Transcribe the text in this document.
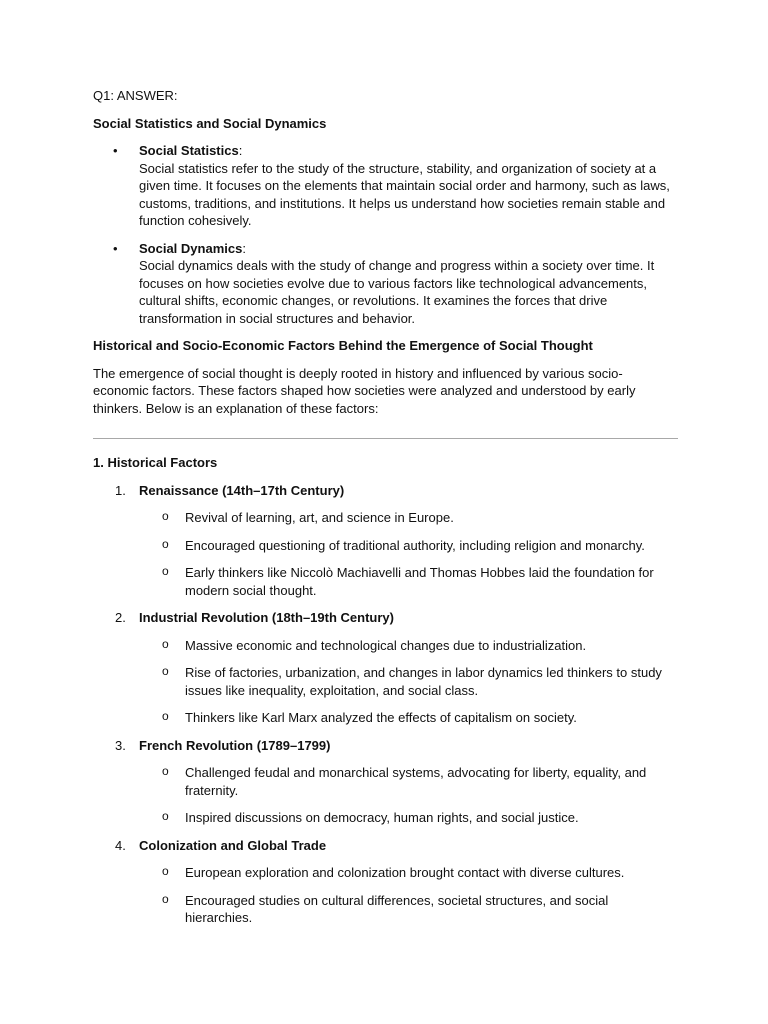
Q1: ANSWER:

Social Statistics and Social Dynamics

• Social Statistics:
Social statistics refer to the study of the structure, stability, and organization of society at a given time. It focuses on the elements that maintain social order and harmony, such as laws, customs, traditions, and institutions. It helps us understand how societies remain stable and function cohesively.
• Social Dynamics:
Social dynamics deals with the study of change and progress within a society over time. It focuses on how societies evolve due to various factors like technological advancements, cultural shifts, economic changes, or revolutions. It examines the forces that drive transformation in social structures and behavior.

Historical and Socio-Economic Factors Behind the Emergence of Social Thought

The emergence of social thought is deeply rooted in history and influenced by various socio-economic factors. These factors shaped how societies were analyzed and understood by early thinkers. Below is an explanation of these factors:

1. Historical Factors

1. Renaissance (14th–17th Century)
o Revival of learning, art, and science in Europe.
o Encouraged questioning of traditional authority, including religion and monarchy.
o Early thinkers like Niccolò Machiavelli and Thomas Hobbes laid the foundation for modern social thought.
2. Industrial Revolution (18th–19th Century)
o Massive economic and technological changes due to industrialization.
o Rise of factories, urbanization, and changes in labor dynamics led thinkers to study issues like inequality, exploitation, and social class.
o Thinkers like Karl Marx analyzed the effects of capitalism on society.
3. French Revolution (1789–1799)
o Challenged feudal and monarchical systems, advocating for liberty, equality, and fraternity.
o Inspired discussions on democracy, human rights, and social justice.
4. Colonization and Global Trade
o European exploration and colonization brought contact with diverse cultures.
o Encouraged studies on cultural differences, societal structures, and social hierarchies.
